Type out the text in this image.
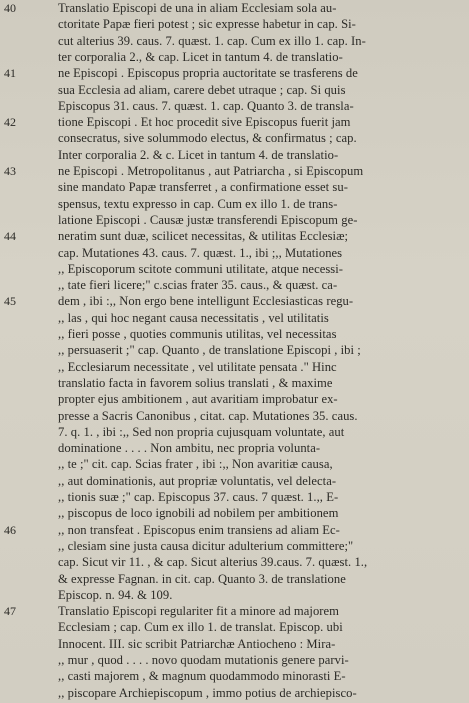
40	Translatio Episcopi de una in aliam Ecclesiam sola au-
ctoritate Papæ fieri potest ; sic expresse habetur in cap. Si-
cut alterius 39. caus. 7. quæst. 1. cap. Cum ex illo 1. cap. In-
ter corporalia 2., & cap. Licet in tantum 4. de translatio-
41	ne Episcopi . Episcopus propria auctoritate se trasferens de
sua Ecclesia ad aliam, carere debet utraque ; cap. Si quis
Episcopus 31. caus. 7. quæst. 1. cap. Quanto 3. de transla-
42	tione Episcopi . Et hoc procedit sive Episcopus fuerit jam
consecratus, sive solummodo electus, & confirmatus ; cap.
Inter corporalia 2. & c. Licet in tantum 4. de translatio-
43	ne Episcopi . Metropolitanus , aut Patriarcha , si Episcopum
sine mandato Papæ transferret , a confirmatione esset su-
spensus, textu expresso in cap. Cum ex illo 1. de trans-
latione Episcopi . Causæ justæ transferendi Episcopum ge-
44	neratim sunt duæ, scilicet necessitas, & utilitas Ecclesiæ;
cap. Mutationes 43. caus. 7. quæst. 1., ibi ;,, Mutationes
,, Episcoporum scitote communi utilitate, atque necessi-
,, tate fieri licere;" c.scias frater 35. caus., & quæst. ca-
45	dem , ibi :,, Non ergo bene intelligunt Ecclesiasticas regu-
,, las , qui hoc negant causa necessitatis , vel utilitatis
,, fieri posse , quoties communis utilitas, vel necessitas
,, persuaserit ;" cap. Quanto , de translatione Episcopi , ibi ;
,, Ecclesiarum necessitate , vel utilitate pensata ." Hinc
translatio facta in favorem solius translati , & maxime
propter ejus ambitionem , aut avaritiam improbatur ex-
presse a Sacris Canonibus , citat. cap. Mutationes 35. caus.
7. q. 1. , ibi :,, Sed non propria cujusquam voluntate, aut
dominatione . . . . Non ambitu, nec propria volunta-
,, te ;" cit. cap. Scias frater , ibi :,, Non avaritiæ causa,
,, aut dominationis, aut propriæ voluntatis, vel delecta-
,, tionis suæ ;" cap. Episcopus 37. caus. 7 quæst. 1.,, E-
,, piscopus de loco ignobili ad nobilem per ambitionem
46	,, non transfeat . Episcopus enim transiens ad aliam Ec-
,, clesiam sine justa causa dicitur adulterium committere;"
cap. Sicut vir 11. , & cap. Sicut alterius 39.caus. 7. quæst. 1.,
& expresse Fagnan. in cit. cap. Quanto 3. de translatione
Episcop. n. 94. & 109.
47	Translatio Episcopi regulariter fit a minore ad majorem
Ecclesiam ; cap. Cum ex illo 1. de translat. Episcop. ubi
Innocent. III. sic scribit Patriarchæ Antiocheno : Mira-
,, mur , quod . . . . novo quodam mutationis genere parvi-
,, casti majorem , & magnum quodammodo minorasti E-
,, piscopare Archiepiscopum , immo potius de archiepisco-
